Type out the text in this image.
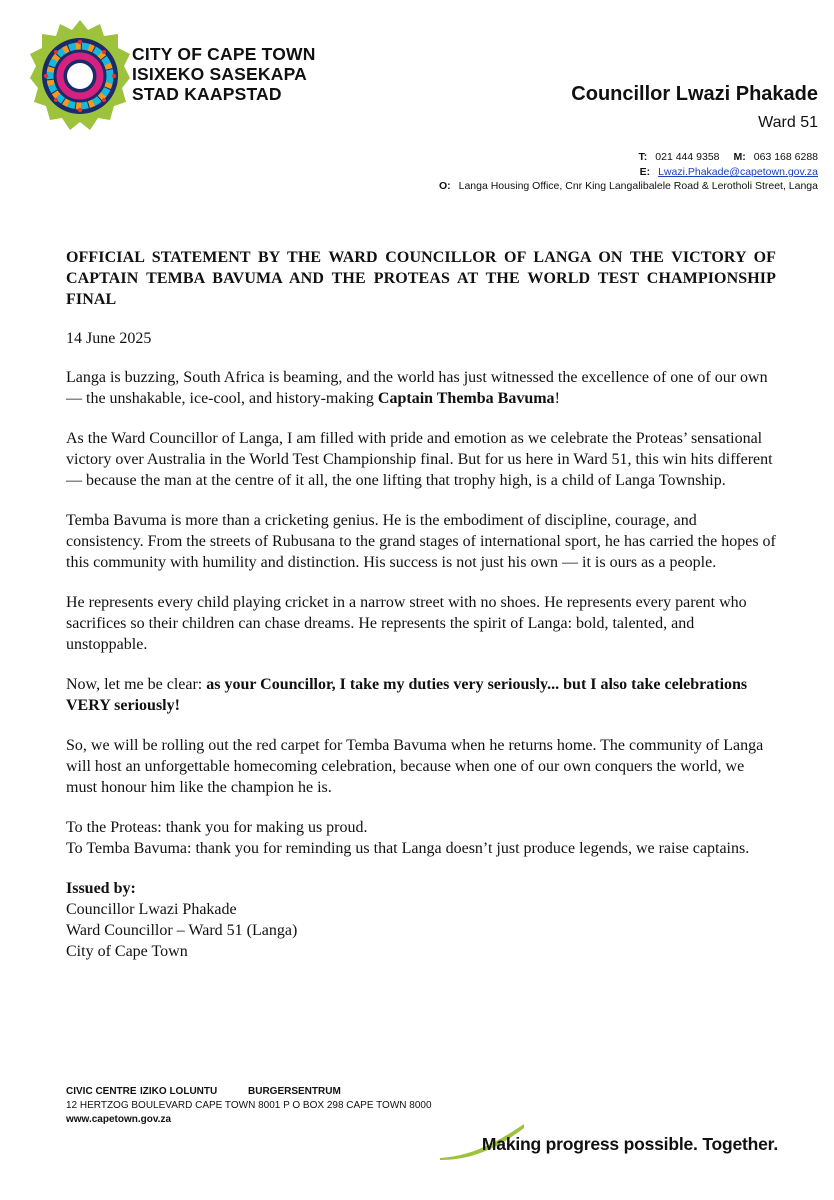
CITY OF CAPE TOWN
ISIXEKO SASEKAPA
STAD KAAPSTAD	Councillor Lwazi Phakade
Ward 51
T: 021 444 9358 M: 063 168 6288
E: Lwazi.Phakade@capetown.gov.za
O: Langa Housing Office, Cnr King Langalibalele Road & Lerotholi Street, Langa
OFFICIAL STATEMENT BY THE WARD COUNCILLOR OF LANGA ON THE VICTORY OF CAPTAIN TEMBA BAVUMA AND THE PROTEAS AT THE WORLD TEST CHAMPIONSHIP FINAL
14 June 2025
Langa is buzzing, South Africa is beaming, and the world has just witnessed the excellence of one of our own — the unshakable, ice-cool, and history-making Captain Themba Bavuma!
As the Ward Councillor of Langa, I am filled with pride and emotion as we celebrate the Proteas’ sensational victory over Australia in the World Test Championship final. But for us here in Ward 51, this win hits different — because the man at the centre of it all, the one lifting that trophy high, is a child of Langa Township.
Temba Bavuma is more than a cricketing genius. He is the embodiment of discipline, courage, and consistency. From the streets of Rubusana to the grand stages of international sport, he has carried the hopes of this community with humility and distinction. His success is not just his own — it is ours as a people.
He represents every child playing cricket in a narrow street with no shoes. He represents every parent who sacrifices so their children can chase dreams. He represents the spirit of Langa: bold, talented, and unstoppable.
Now, let me be clear: as your Councillor, I take my duties very seriously... but I also take celebrations VERY seriously!
So, we will be rolling out the red carpet for Temba Bavuma when he returns home. The community of Langa will host an unforgettable homecoming celebration, because when one of our own conquers the world, we must honour him like the champion he is.
To the Proteas: thank you for making us proud.
To Temba Bavuma: thank you for reminding us that Langa doesn’t just produce legends, we raise captains.
Issued by:
Councillor Lwazi Phakade
Ward Councillor – Ward 51 (Langa)
City of Cape Town
CIVIC CENTRE IZIKO LOLUNTU	BURGERSENTRUM
12 HERTZOG BOULEVARD CAPE TOWN 8001 P O BOX 298 CAPE TOWN 8000
www.capetown.gov.za
Making progress possible. Together.
